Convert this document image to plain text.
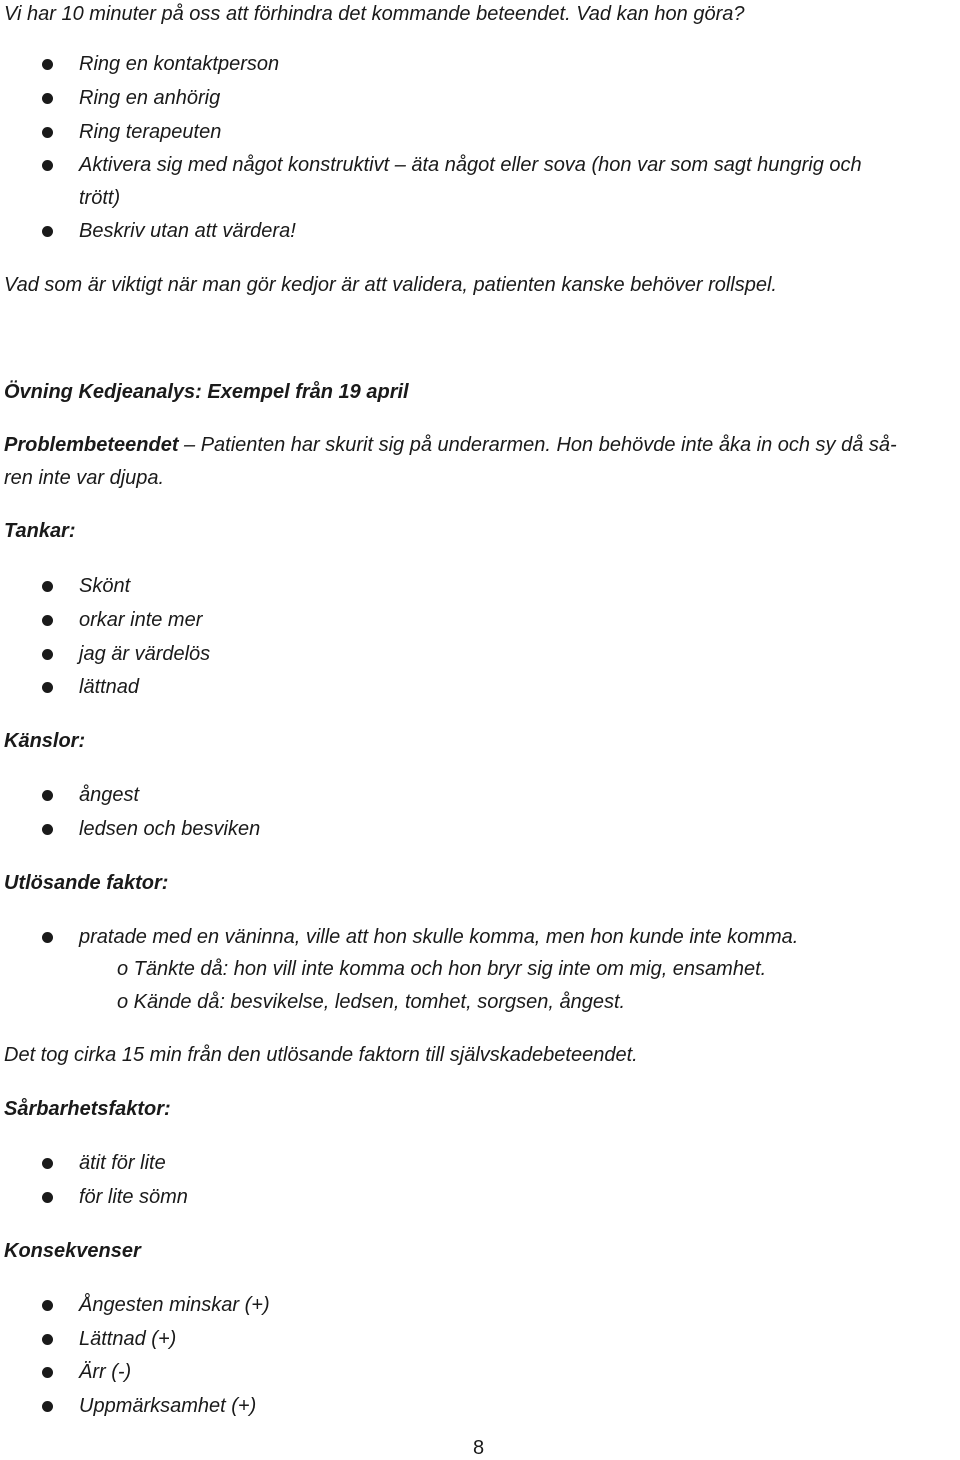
Vi har 10 minuter på oss att förhindra det kommande beteendet. Vad kan hon göra?
Ring en kontaktperson
Ring en anhörig
Ring terapeuten
Aktivera sig med något konstruktivt – äta något eller sova (hon var som sagt hungrig och
trött)
Beskriv utan att värdera!
Vad som är viktigt när man gör kedjor är att validera, patienten kanske behöver rollspel.
Övning Kedjeanalys: Exempel från 19 april
Problembeteendet – Patienten har skurit sig på underarmen. Hon behövde inte åka in och sy då så-
ren inte var djupa.
Tankar:
Skönt
orkar inte mer
jag är värdelös
lättnad
Känslor:
ångest
ledsen och besviken
Utlösande faktor:
pratade med en väninna, ville att hon skulle komma, men hon kunde inte komma.
o Tänkte då: hon vill inte komma och hon bryr sig inte om mig, ensamhet.
o Kände då: besvikelse, ledsen, tomhet, sorgsen, ångest.
Det tog cirka 15 min från den utlösande faktorn till självskadebeteendet.
Sårbarhetsfaktor:
ätit för lite
för lite sömn
Konsekvenser
Ångesten minskar (+)
Lättnad (+)
Ärr (-)
Uppmärksamhet (+)
8
